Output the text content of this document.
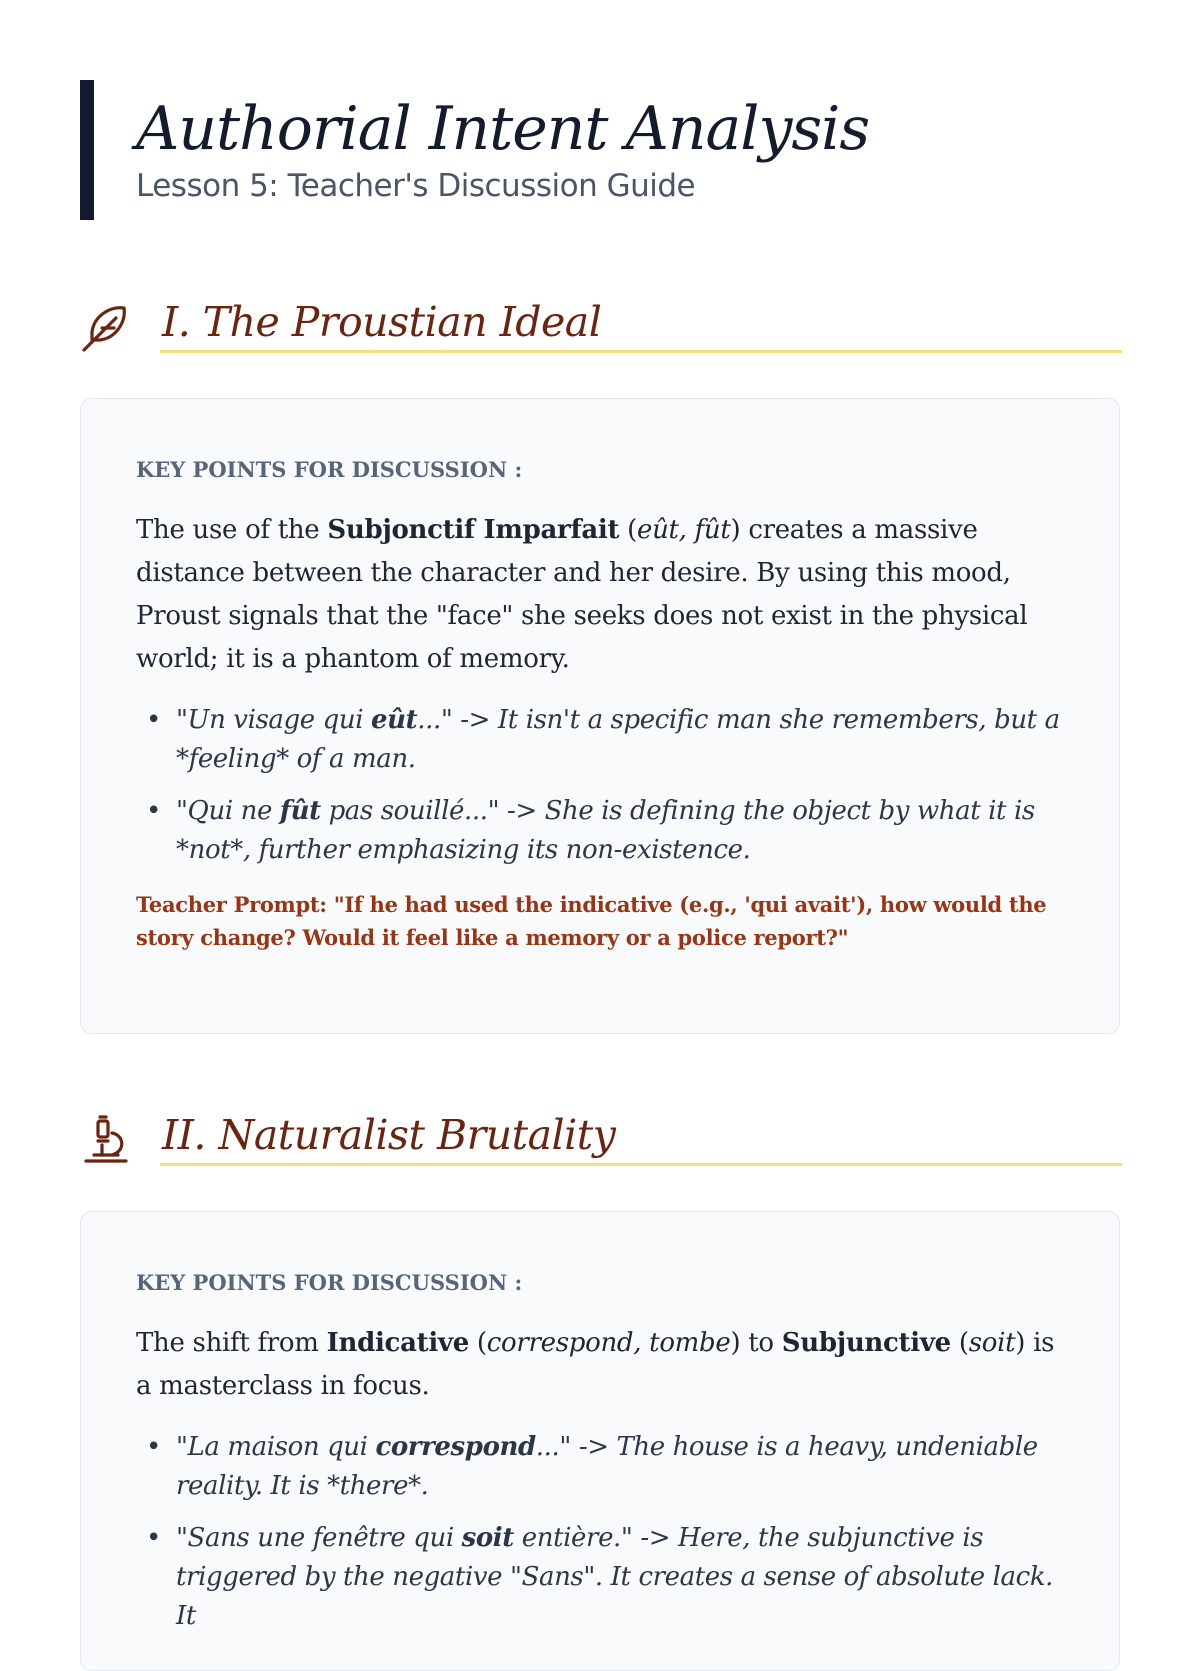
Authorial Intent Analysis
Lesson 5: Teacher's Discussion Guide
I. The Proustian Ideal
KEY POINTS FOR DISCUSSION :

The use of the Subjonctif Imparfait (eût, fût) creates a massive distance between the character and her desire. By using this mood, Proust signals that the "face" she seeks does not exist in the physical world; it is a phantom of memory.

• "Un visage qui eût..." -> It isn't a specific man she remembers, but a *feeling* of a man.
• "Qui ne fût pas souillé..." -> She is defining the object by what it is *not*, further emphasizing its non-existence.
Teacher Prompt: "If he had used the indicative (e.g., 'qui avait'), how would the story change? Would it feel like a memory or a police report?"
II. Naturalist Brutality
KEY POINTS FOR DISCUSSION :

The shift from Indicative (correspond, tombe) to Subjunctive (soit) is a masterclass in focus.

• "La maison qui correspond..." -> The house is a heavy, undeniable reality. It is *there*.
• "Sans une fenêtre qui soit entière." -> Here, the subjunctive is triggered by the negative "Sans". It creates a sense of absolute lack. It
